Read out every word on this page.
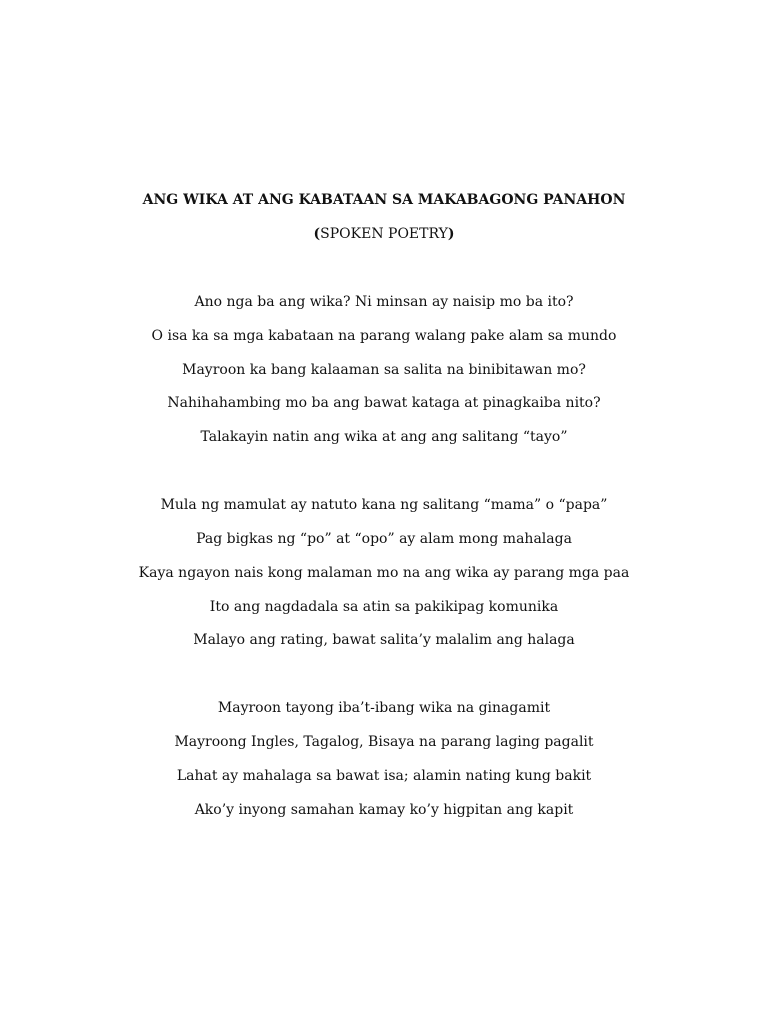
ANG WIKA AT ANG KABATAAN SA MAKABAGONG PANAHON
(SPOKEN POETRY)
Ano nga ba ang wika? Ni minsan ay naisip mo ba ito?
O isa ka sa mga kabataan na parang walang pake alam sa mundo
Mayroon ka bang kalaaman sa salita na binibitawan mo?
Nahihahambing mo ba ang bawat kataga at pinagkaiba nito?
Talakayin natin ang wika at ang ang salitang “tayo”
Mula ng mamulat ay natuto kana ng salitang “mama” o “papa”
Pag bigkas ng “po” at “opo” ay alam mong mahalaga
Kaya ngayon nais kong malaman mo na ang wika ay parang mga paa
Ito ang nagdadala sa atin sa pakikipag komunika
Malayo ang rating, bawat salita’y malalim ang halaga
Mayroon tayong iba’t-ibang wika na ginagamit
Mayroong Ingles, Tagalog, Bisaya na parang laging pagalit
Lahat ay mahalaga sa bawat isa; alamin nating kung bakit
Ako’y inyong samahan kamay ko’y higpitan ang kapit
